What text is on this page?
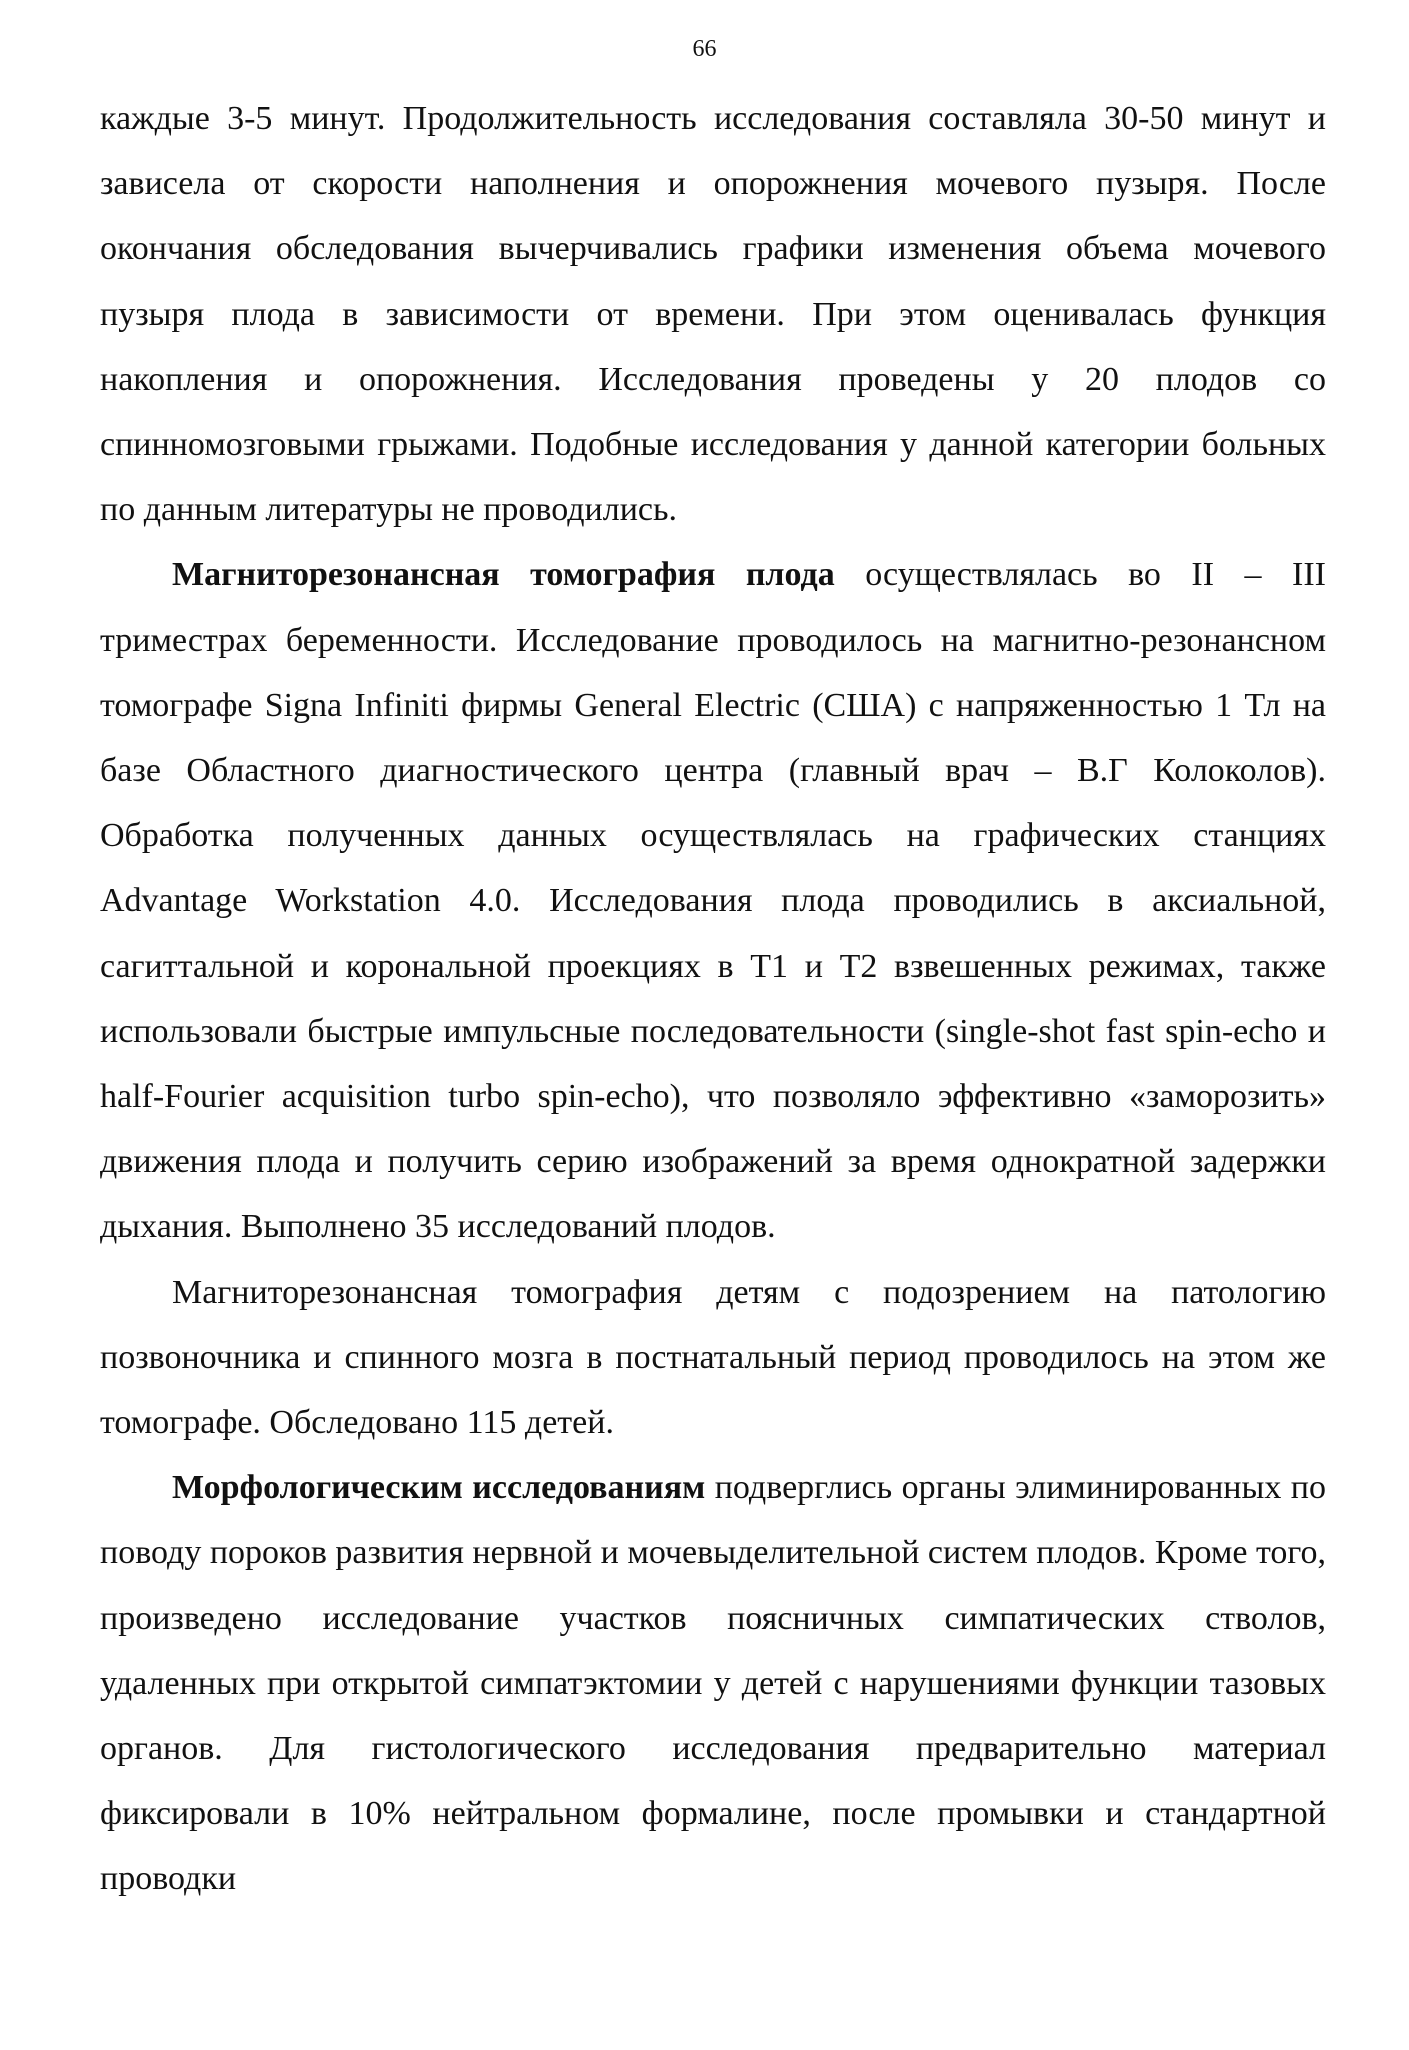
66

каждые 3-5 минут. Продолжительность исследования составляла 30-50 минут и зависела от скорости наполнения и опорожнения мочевого пузыря. После окончания обследования вычерчивались графики изменения объема мочевого пузыря плода в зависимости от времени. При этом оценивалась функция накопления и опорожнения. Исследования проведены у 20 плодов со спинномозговыми грыжами. Подобные исследования у данной категории больных по данным литературы не проводились.

Магниторезонансная томография плода осуществлялась во II – III триместрах беременности. Исследование проводилось на магнитно-резонансном томографе Signa Infiniti фирмы General Electric (США) с напряженностью 1 Тл на базе Областного диагностического центра (главный врач – В.Г Колоколов). Обработка полученных данных осуществлялась на графических станциях Advantage Workstation 4.0. Исследования плода проводились в аксиальной, сагиттальной и корональной проекциях в T1 и T2 взвешенных режимах, также использовали быстрые импульсные последовательности (single-shot fast spin-echo и half-Fourier acquisition turbo spin-echo), что позволяло эффективно «заморозить» движения плода и получить серию изображений за время однократной задержки дыхания. Выполнено 35 исследований плодов.

Магниторезонансная томография детям с подозрением на патологию позвоночника и спинного мозга в постнатальный период проводилось на этом же томографе. Обследовано 115 детей.

Морфологическим исследованиям подверглись органы элиминированных по поводу пороков развития нервной и мочевыделительной систем плодов. Кроме того, произведено исследование участков поясничных симпатических стволов, удаленных при открытой симпатэктомии у детей с нарушениями функции тазовых органов. Для гистологического исследования предварительно материал фиксировали в 10% нейтральном формалине, после промывки и стандартной проводки
